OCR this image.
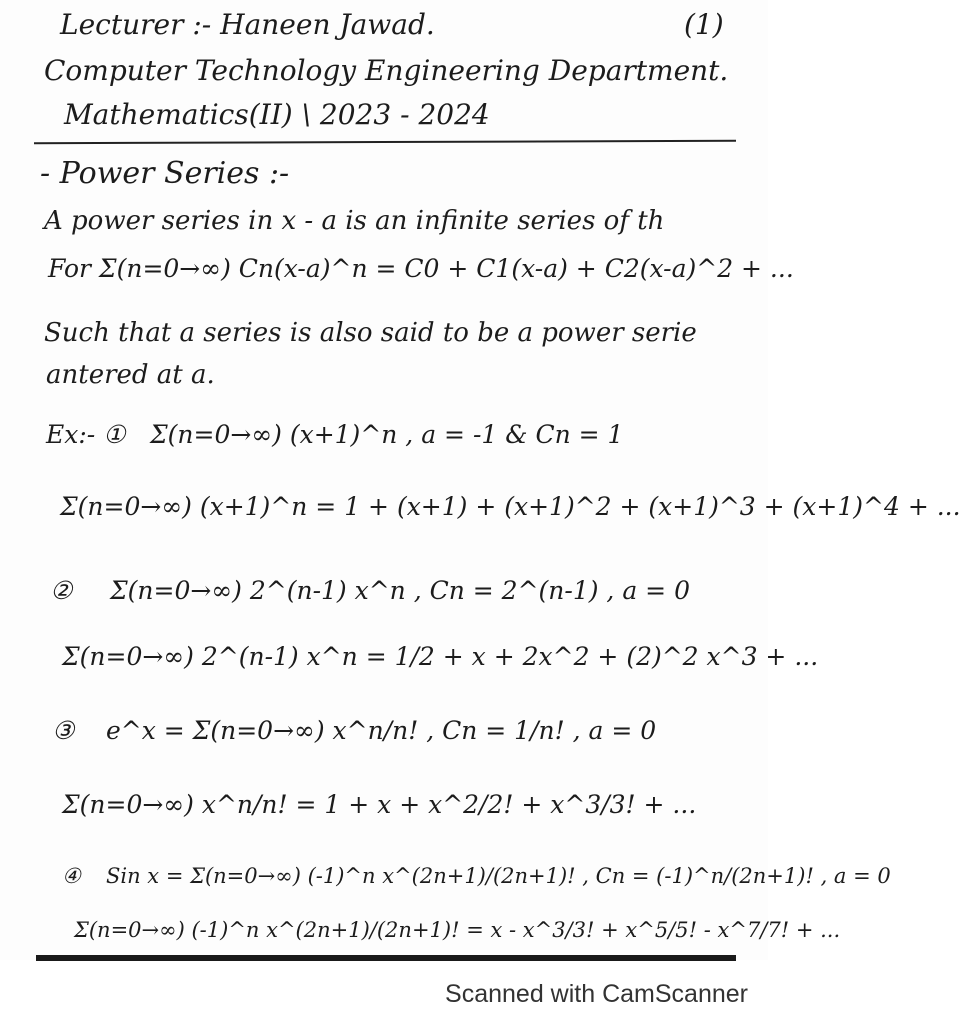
Lecturer :- Haneen Jawad.	(1)
Computer Technology Engineering Department.
Mathematics(II) \ 2023 - 2024
- Power Series :-
A power series in x - a is an infinite series of th
For Σ(n=0→∞) Cn(x-a)^n = C0 + C1(x-a) + C2(x-a)^2 + ...
Such that a series is also said to be a power serie
antered at a.
Ex:- ① Σ(n=0→∞) (x+1)^n , a = -1 & Cn = 1
Σ(n=0→∞) (x+1)^n = 1 + (x+1) + (x+1)^2 + (x+1)^3 + (x+1)^4 + ...
② Σ(n=0→∞) 2^(n-1) x^n , Cn = 2^(n-1) , a = 0
Σ(n=0→∞) 2^(n-1) x^n = 1/2 + x + 2x^2 + (2)^2 x^3 + ...
③ e^x = Σ(n=0→∞) x^n/n! , Cn = 1/n! , a = 0
Σ(n=0→∞) x^n/n! = 1 + x + x^2/2! + x^3/3! + ...
④ Sin x = Σ(n=0→∞) (-1)^n x^(2n+1)/(2n+1)! , Cn = (-1)^n/(2n+1)! , a = 0
Σ(n=0→∞) (-1)^n x^(2n+1)/(2n+1)! = x - x^3/3! + x^5/5! - x^7/7! + ...
Scanned with CamScanner
